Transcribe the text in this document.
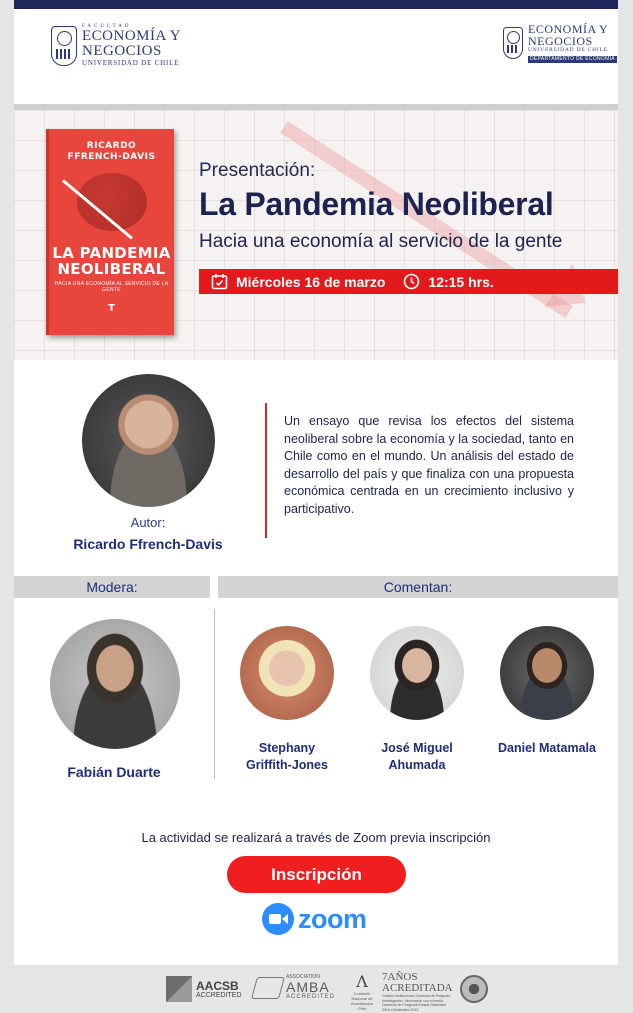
FACULTAD
ECONOMÍA Y
NEGOCIOS
UNIVERSIDAD DE CHILE
ECONOMÍA Y
NEGOCIOS
UNIVERSIDAD DE CHILE
DEPARTAMENTO DE ECONOMÍA
RICARDO
FFRENCH-DAVIS
LA PANDEMIA
NEOLIBERAL
HACIA UNA ECONOMÍA AL SERVICIO DE LA GENTE
T
Presentación:
La Pandemia Neoliberal
Hacia una economía al servicio de la gente
Miércoles 16 de marzo	12:15 hrs.
Autor:
Ricardo Ffrench-Davis
Un ensayo que revisa los efectos del sistema neoliberal sobre la economía y la sociedad, tanto en Chile como en el mundo. Un análisis del estado de desarrollo del país y que finaliza con una propuesta económica centrada en un crecimiento inclusivo y participativo.
Modera:	Comentan:
Fabián Duarte
Stephany
Griffith-Jones
José Miguel
Ahumada
Daniel Matamala
La actividad se realizará a través de Zoom previa inscripción
Inscripción
zoom
AACSB
ACCREDITED
ASSOCIATION
AMBA
ACCREDITED
Λ
Comisión Nacional de Acreditación Chile
7AÑOS ACREDITADA
Gestión Institucional, Docencia de Pregrado Investigación, Vinculación con el medio Docencia de Postgrado Desde Diciembre 2016 a Diciembre 2023
